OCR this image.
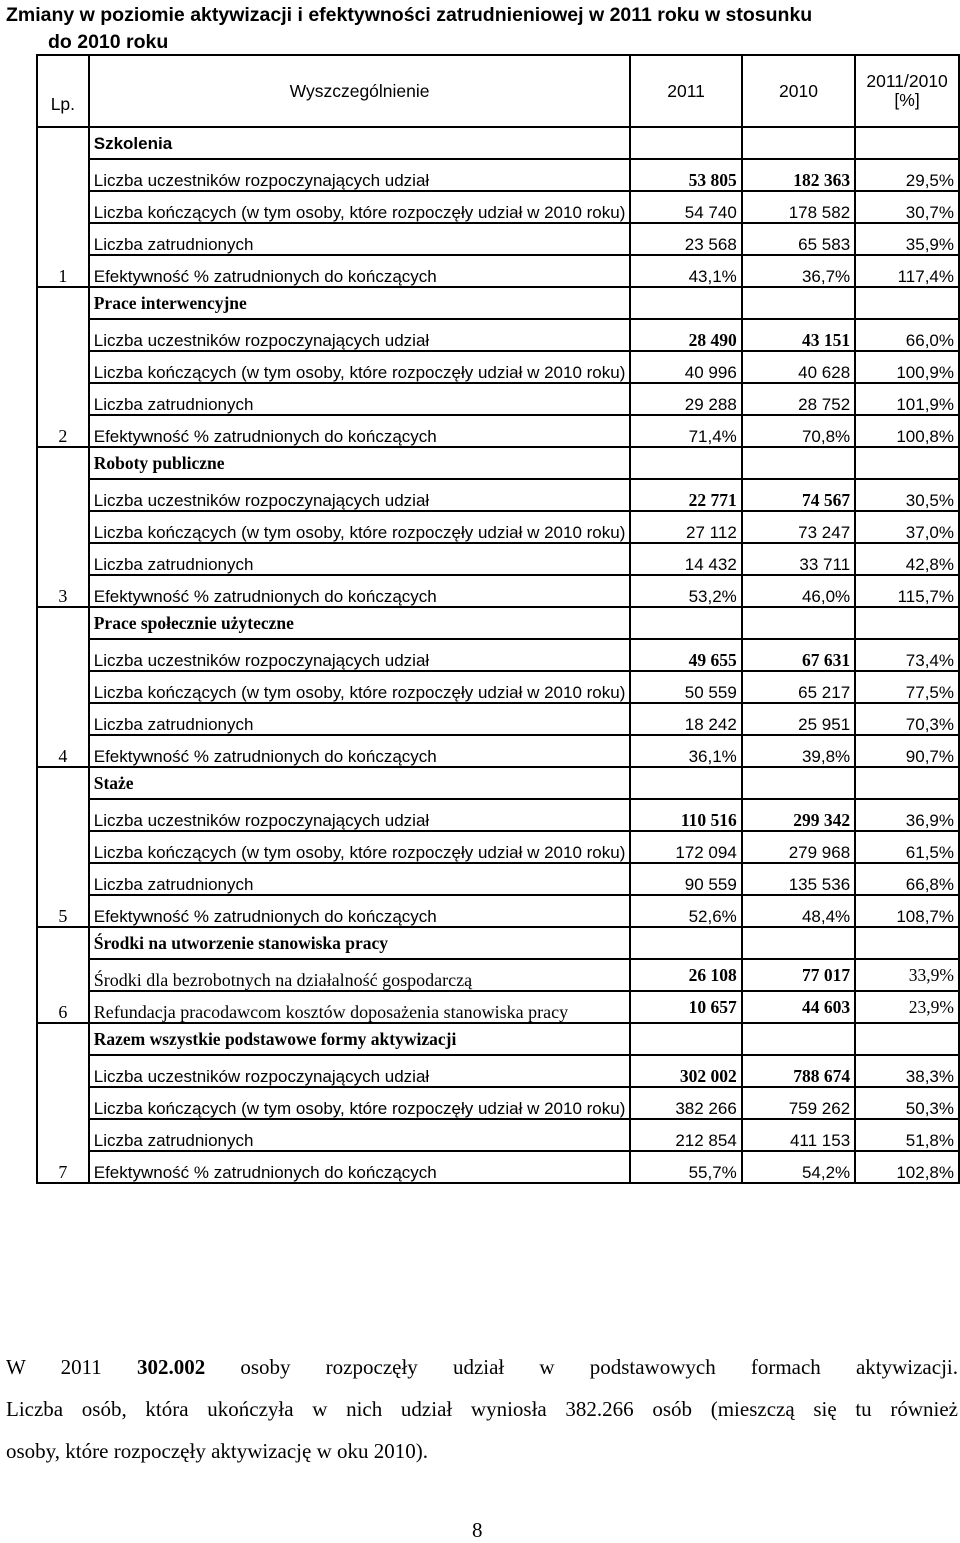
Zmiany w poziomie aktywizacji i efektywności zatrudnieniowej w 2011 roku w stosunku
do 2010 roku
Lp.	Wyszczególnienie	2011	2010	2011/2010 [%]
1	Szkolenia			
	Liczba uczestników rozpoczynających udział	53 805	182 363	29,5%
	Liczba kończących (w tym osoby, które rozpoczęły udział w 2010 roku)	54 740	178 582	30,7%
	Liczba zatrudnionych	23 568	65 583	35,9%
	Efektywność % zatrudnionych do kończących	43,1%	36,7%	117,4%
2	Prace interwencyjne			
	Liczba uczestników rozpoczynających udział	28 490	43 151	66,0%
	Liczba kończących (w tym osoby, które rozpoczęły udział w 2010 roku)	40 996	40 628	100,9%
	Liczba zatrudnionych	29 288	28 752	101,9%
	Efektywność % zatrudnionych do kończących	71,4%	70,8%	100,8%
3	Roboty publiczne			
	Liczba uczestników rozpoczynających udział	22 771	74 567	30,5%
	Liczba kończących (w tym osoby, które rozpoczęły udział w 2010 roku)	27 112	73 247	37,0%
	Liczba zatrudnionych	14 432	33 711	42,8%
	Efektywność % zatrudnionych do kończących	53,2%	46,0%	115,7%
4	Prace społecznie użyteczne			
	Liczba uczestników rozpoczynających udział	49 655	67 631	73,4%
	Liczba kończących (w tym osoby, które rozpoczęły udział w 2010 roku)	50 559	65 217	77,5%
	Liczba zatrudnionych	18 242	25 951	70,3%
	Efektywność % zatrudnionych do kończących	36,1%	39,8%	90,7%
5	Staże			
	Liczba uczestników rozpoczynających udział	110 516	299 342	36,9%
	Liczba kończących (w tym osoby, które rozpoczęły udział w 2010 roku)	172 094	279 968	61,5%
	Liczba zatrudnionych	90 559	135 536	66,8%
	Efektywność % zatrudnionych do kończących	52,6%	48,4%	108,7%
6	Środki na utworzenie stanowiska pracy			
	Środki dla bezrobotnych na działalność gospodarczą	26 108	77 017	33,9%
	Refundacja pracodawcom kosztów doposażenia stanowiska pracy	10 657	44 603	23,9%
7	Razem wszystkie podstawowe formy aktywizacji			
	Liczba uczestników rozpoczynających udział	302 002	788 674	38,3%
	Liczba kończących (w tym osoby, które rozpoczęły udział w 2010 roku)	382 266	759 262	50,3%
	Liczba zatrudnionych	212 854	411 153	51,8%
	Efektywność % zatrudnionych do kończących	55,7%	54,2%	102,8%
W 2011 302.002 osoby rozpoczęły udział w podstawowych formach aktywizacji.
Liczba osób, która ukończyła w nich udział wyniosła 382.266 osób (mieszczą się tu również
osoby, które rozpoczęły aktywizację w oku 2010).
8
